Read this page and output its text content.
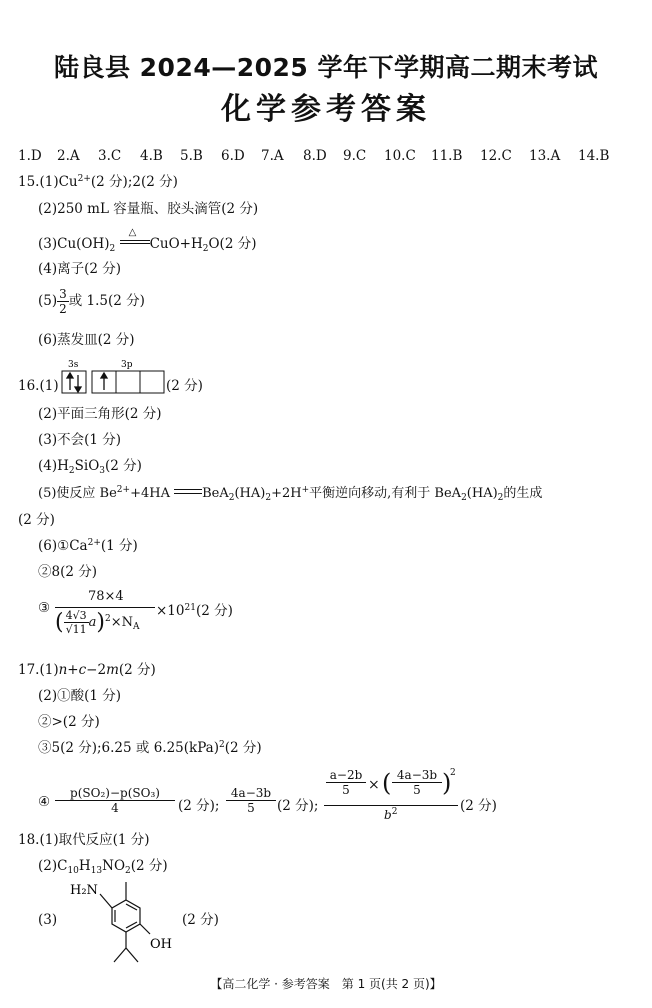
陆良县 2024—2025 学年下学期高二期末考试
化学参考答案
1.D 2.A 3.C 4.B 5.B 6.D 7.A 8.D 9.C 10.C 11.B 12.C 13.A 14.B
$15.(1)Cu^{2+}(2$ 分);2(2 分)
(2)250 mL 容量瓶、胶头滴管(2 分)
$(3)Cu(OH)_2$
△
$CuO+H_2O(2$ 分)
(4)离子(2 分)
$(5) \frac{3}{2}$ 或 1.5(2 分)
(6)蒸发皿(2 分)
16.(1)
3s	3p
(2 分)
(2)平面三角形(2 分)
(3)不会(1 分)
$(4)H_2SiO_3(2$ 分)
(5)使反应 $Be^{2+}+4HA$ $BeA_2(HA)_2+2H^+$平衡逆向移动,有利于 $BeA_2(HA)_2$的生成
(2 分)
$(6)①Ca^{2+}(1$ 分)
②8(2 分)
③
78×4
( $\frac{4√3}{√11} a)^2\times N_A$
$\times 10^{21}(2$ 分)
17.(1)n+c−2m(2 分)
(2)①酸(1 分)
②>(2 分)
③5(2 分);6.25 或 6.25(kPa)$^2$(2 分)
④ $\frac{\text{p(SO₂)−p(SO₃)}}{4} (2$ 分); $\frac{4a-3b}{5} (2$ 分);
$\frac{a-2b}{5}$ × ( $\frac{4a-3b}{5}$ )
2
$b^2$	(2 分)
18.(1)取代反应(1 分)
$(2)C_{10}H_{13}NO_2(2$ 分)
(3)
H₂N
OH
(2 分)
【高二化学 · 参考答案　第 1 页(共 2 页)】
